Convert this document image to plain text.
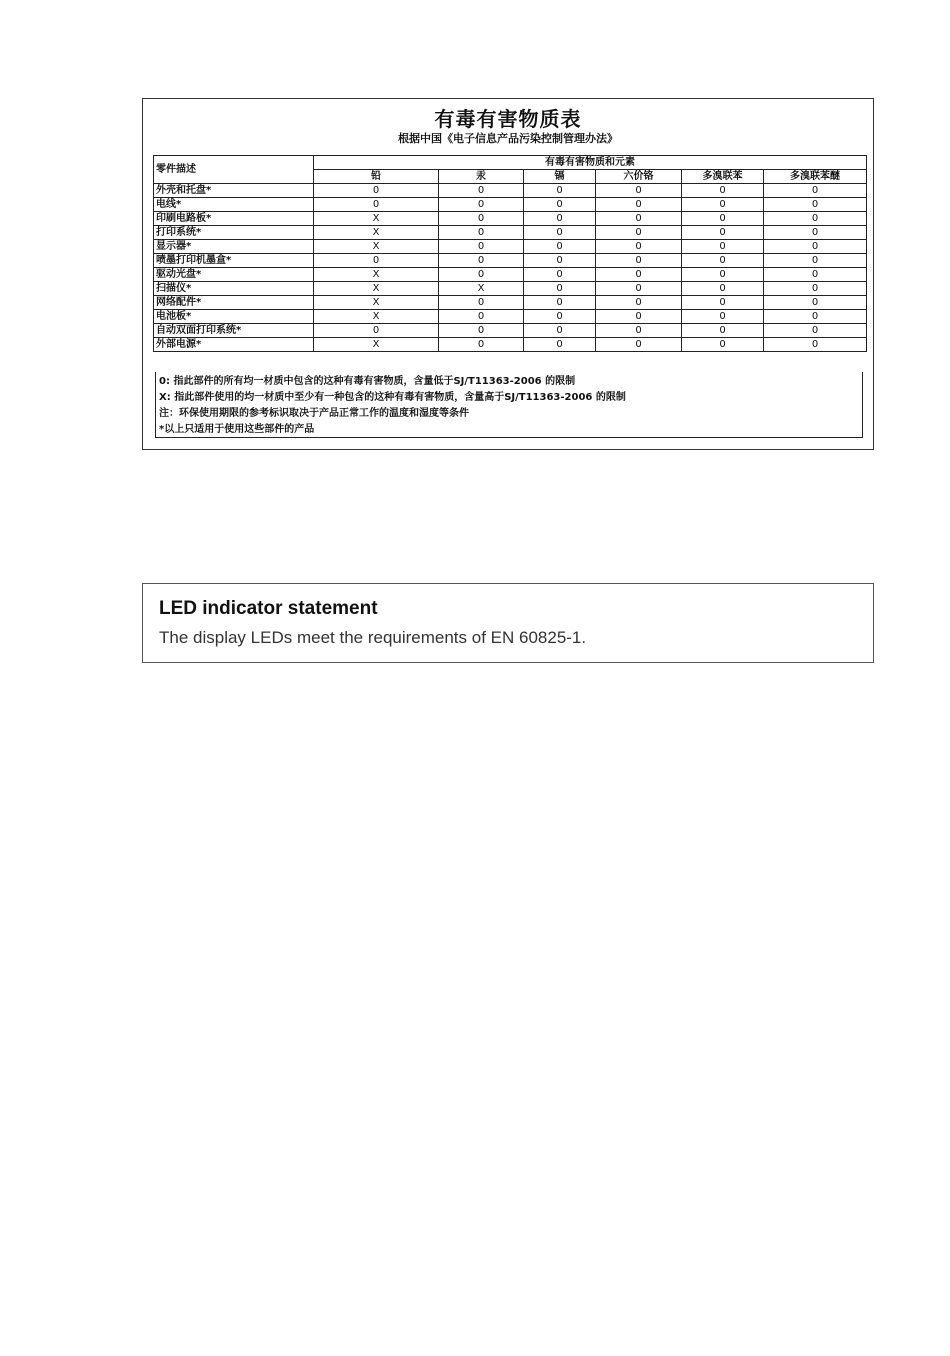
有毒有害物质表
根据中国《电子信息产品污染控制管理办法》
零件描述	有毒有害物质和元素					
	铅	汞	镉	六价铬	多溴联苯	多溴联苯醚
外壳和托盘*	0	0	0	0	0	0
电线*	0	0	0	0	0	0
印刷电路板*	X	0	0	0	0	0
打印系统*	X	0	0	0	0	0
显示器*	X	0	0	0	0	0
喷墨打印机墨盒*	0	0	0	0	0	0
驱动光盘*	X	0	0	0	0	0
扫描仪*	X	X	0	0	0	0
网络配件*	X	0	0	0	0	0
电池板*	X	0	0	0	0	0
自动双面打印系统*	0	0	0	0	0	0
外部电源*	X	0	0	0	0	0
0: 指此部件的所有均一材质中包含的这种有毒有害物质，含量低于SJ/T11363-2006 的限制
X: 指此部件使用的均一材质中至少有一种包含的这种有毒有害物质，含量高于SJ/T11363-2006 的限制
注：环保使用期限的参考标识取决于产品正常工作的温度和湿度等条件
*以上只适用于使用这些部件的产品
LED indicator statement
The display LEDs meet the requirements of EN 60825-1.
